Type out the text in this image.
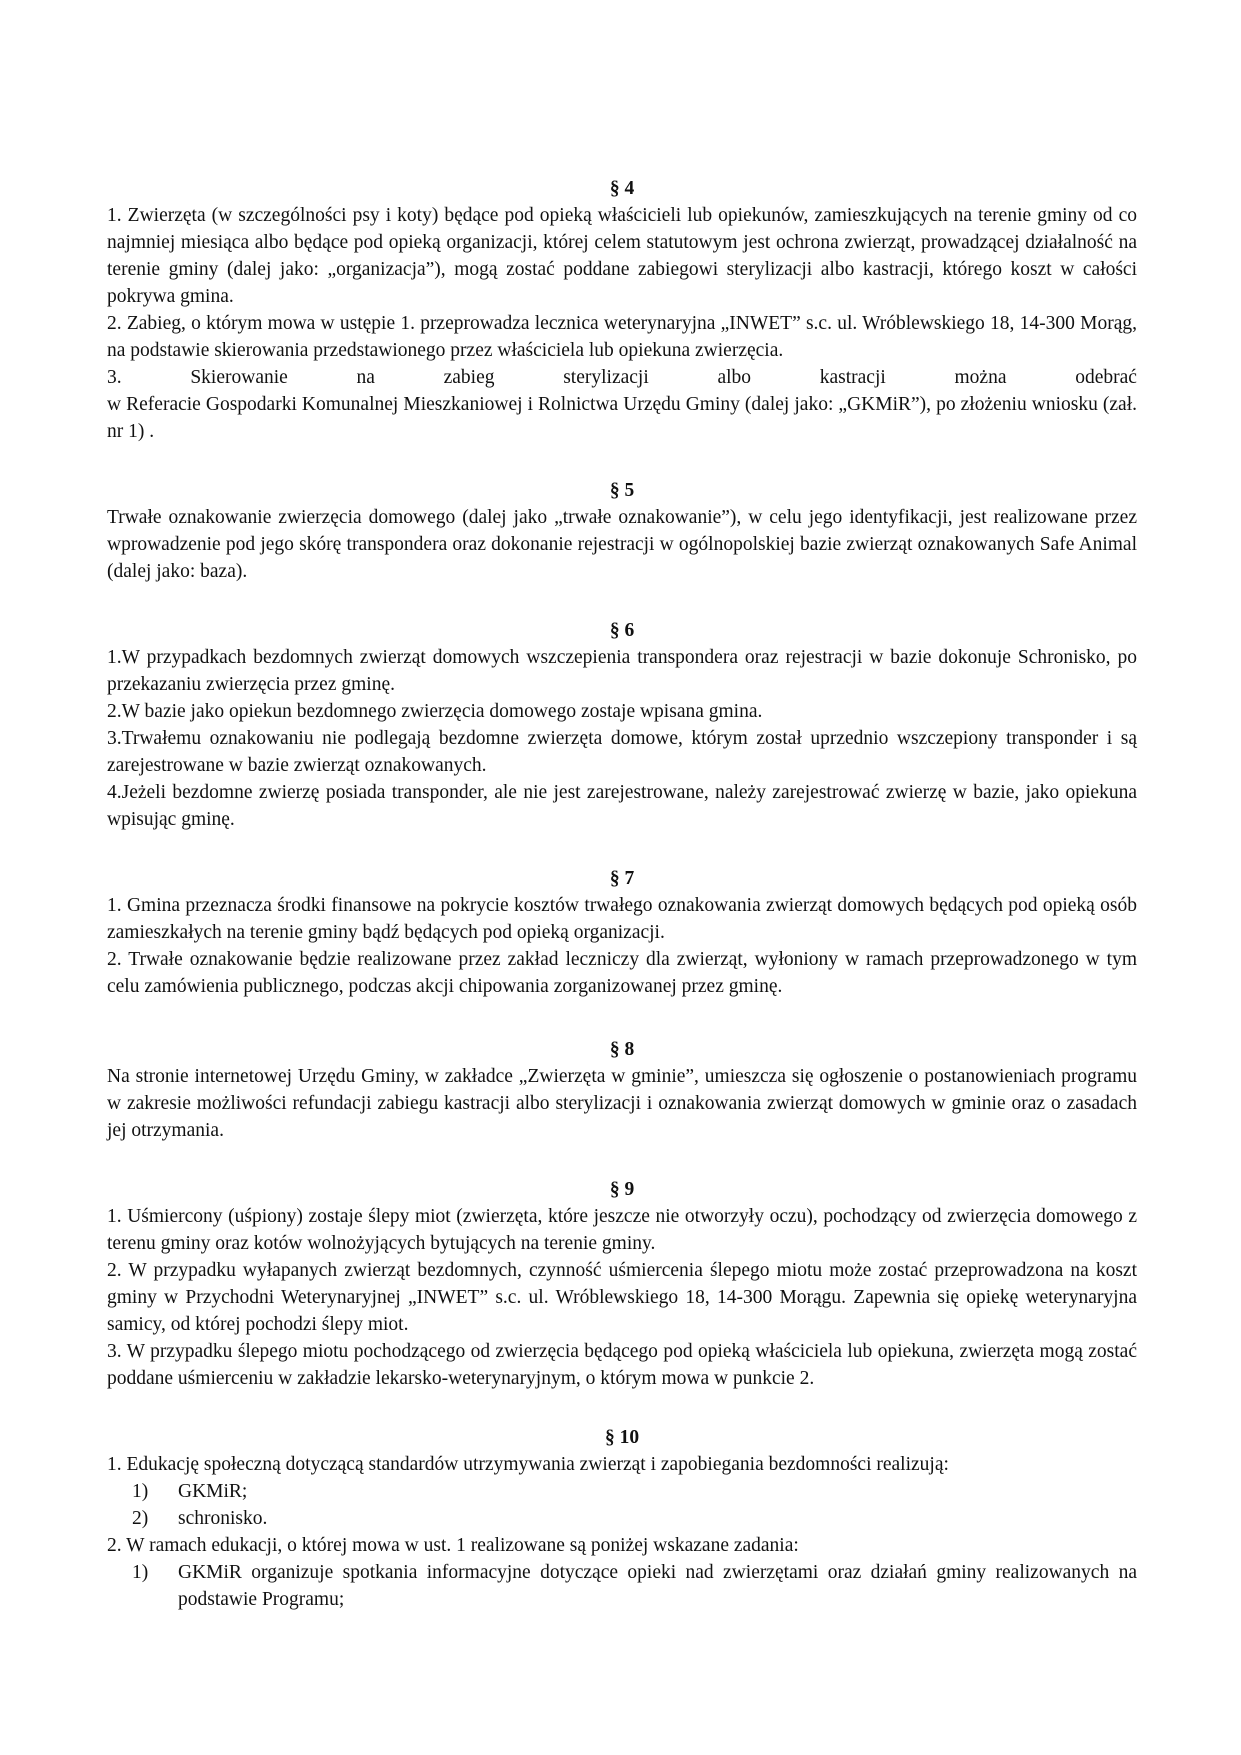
§ 4
1. Zwierzęta (w szczególności psy i koty) będące pod opieką właścicieli lub opiekunów, zamieszkujących na terenie gminy od co najmniej miesiąca albo będące pod opieką organizacji, której celem statutowym jest ochrona zwierząt, prowadzącej działalność na terenie gminy (dalej jako: „organizacja”), mogą zostać poddane zabiegowi sterylizacji albo kastracji, którego koszt w całości pokrywa gmina.
2. Zabieg, o którym mowa w ustępie 1. przeprowadza lecznica weterynaryjna „INWET” s.c. ul. Wróblewskiego 18, 14-300 Morąg, na podstawie skierowania przedstawionego przez właściciela lub opiekuna zwierzęcia.
3.	Skierowanie	na	zabieg	sterylizacji	albo	kastracji	można	odebrać
w Referacie Gospodarki Komunalnej Mieszkaniowej i Rolnictwa Urzędu Gminy (dalej jako: „GKMiR”), po złożeniu wniosku (zał. nr 1) .
§ 5
Trwałe oznakowanie zwierzęcia domowego (dalej jako „trwałe oznakowanie”), w celu jego identyfikacji, jest realizowane przez wprowadzenie pod jego skórę transpondera oraz dokonanie rejestracji w ogólnopolskiej bazie zwierząt oznakowanych Safe Animal (dalej jako: baza).
§ 6
1.W przypadkach bezdomnych zwierząt domowych wszczepienia transpondera oraz rejestracji w bazie dokonuje Schronisko, po przekazaniu zwierzęcia przez gminę.
2.W bazie jako opiekun bezdomnego zwierzęcia domowego zostaje wpisana gmina.
3.Trwałemu oznakowaniu nie podlegają bezdomne zwierzęta domowe, którym został uprzednio wszczepiony transponder i są zarejestrowane w bazie zwierząt oznakowanych.
4.Jeżeli bezdomne zwierzę posiada transponder, ale nie jest zarejestrowane, należy zarejestrować zwierzę w bazie, jako opiekuna wpisując gminę.
§ 7
1. Gmina przeznacza środki finansowe na pokrycie kosztów trwałego oznakowania zwierząt domowych będących pod opieką osób zamieszkałych na terenie gminy bądź będących pod opieką organizacji.
2. Trwałe oznakowanie będzie realizowane przez zakład leczniczy dla zwierząt, wyłoniony w ramach przeprowadzonego w tym celu zamówienia publicznego, podczas akcji chipowania zorganizowanej przez gminę.
§ 8
Na stronie internetowej Urzędu Gminy, w zakładce „Zwierzęta w gminie”, umieszcza się ogłoszenie o postanowieniach programu w zakresie możliwości refundacji zabiegu kastracji albo sterylizacji i oznakowania zwierząt domowych w gminie oraz o zasadach jej otrzymania.
§ 9
1. Uśmiercony (uśpiony) zostaje ślepy miot (zwierzęta, które jeszcze nie otworzyły oczu), pochodzący od zwierzęcia domowego z terenu gminy oraz kotów wolnożyjących bytujących na terenie gminy.
2. W przypadku wyłapanych zwierząt bezdomnych, czynność uśmiercenia ślepego miotu może zostać przeprowadzona na koszt gminy w Przychodni Weterynaryjnej „INWET” s.c. ul. Wróblewskiego 18, 14-300 Morągu. Zapewnia się opiekę weterynaryjna samicy, od której pochodzi ślepy miot.
3. W przypadku ślepego miotu pochodzącego od zwierzęcia będącego pod opieką właściciela lub opiekuna, zwierzęta mogą zostać poddane uśmierceniu w zakładzie lekarsko-weterynaryjnym, o którym mowa w punkcie 2.
§ 10
1. Edukację społeczną dotyczącą standardów utrzymywania zwierząt i zapobiegania bezdomności realizują:
1)	GKMiR;
2)	schronisko.
2. W ramach edukacji, o której mowa w ust. 1 realizowane są poniżej wskazane zadania:
1)	GKMiR organizuje spotkania informacyjne dotyczące opieki nad zwierzętami oraz działań gminy realizowanych na podstawie Programu;
